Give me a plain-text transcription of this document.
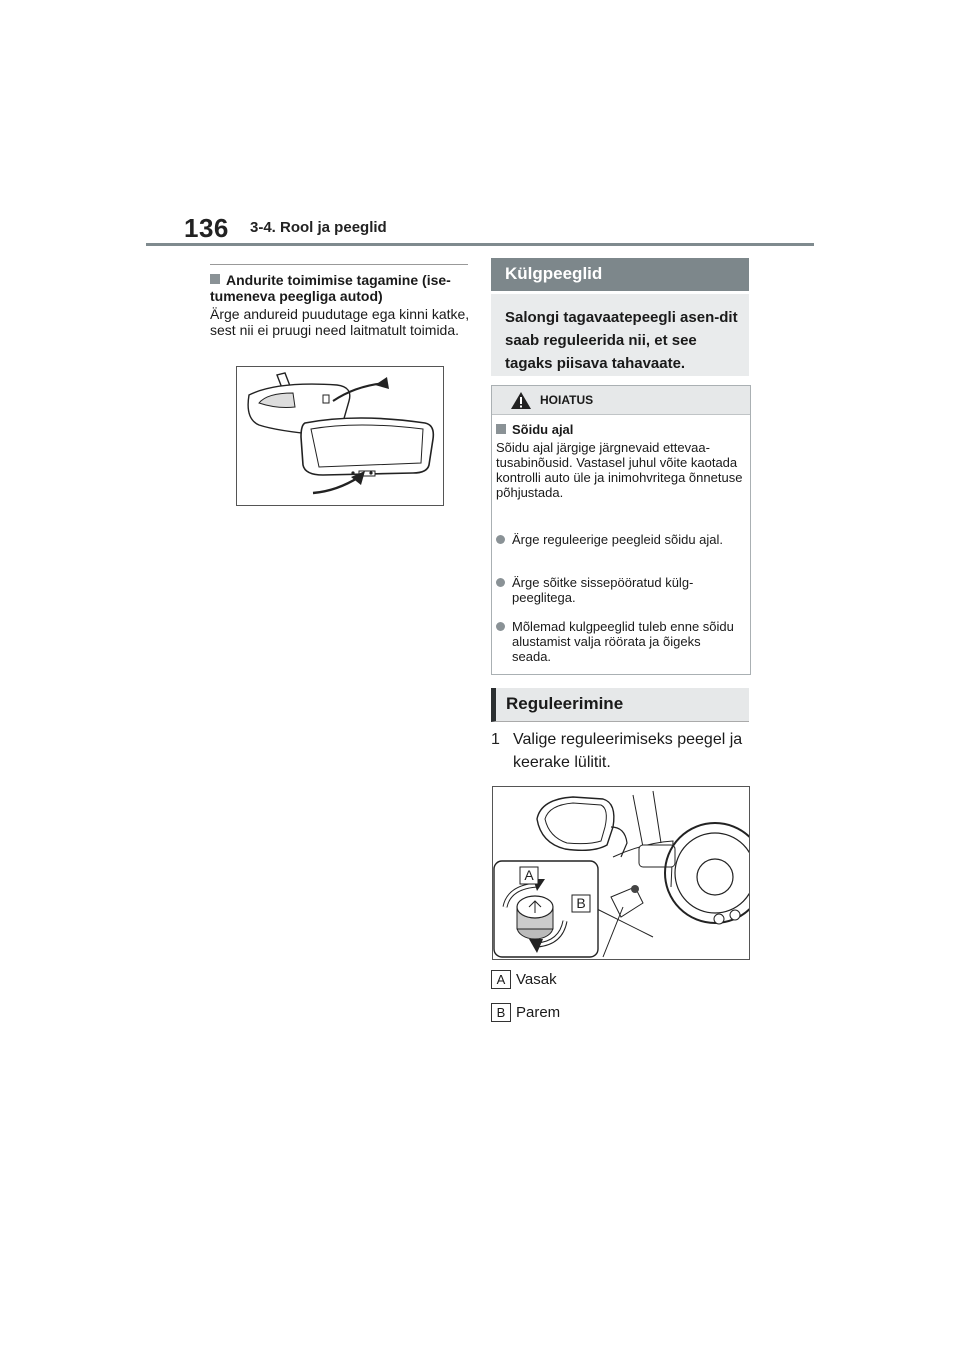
136 3-4. Rool ja peeglid
Andurite toimimise tagamine (ise-tumeneva peegliga autod)
Ärge andureid puudutage ega kinni katke, sest nii ei pruugi need laitmatult toimida.
Külgpeeglid
Salongi tagavaatepeegli asen-dit saab reguleerida nii, et see tagaks piisava tahavaate.
HOIATUS
Sõidu ajal
Sõidu ajal järgige järgnevaid ettevaa-tusabinõusid. Vastasel juhul võite kaotada kontrolli auto üle ja inimohvritega õnnetuse põhjustada.
Ärge reguleerige peegleid sõidu ajal.
Ärge sõitke sissepööratud külg-peeglitega.
Mõlemad kulgpeeglid tuleb enne sõidu alustamist valja röörata ja õigeks seada.
Reguleerimine
1 Valige reguleerimiseks peegel ja keerake lülitit.
A
B
A Vasak
B Parem
